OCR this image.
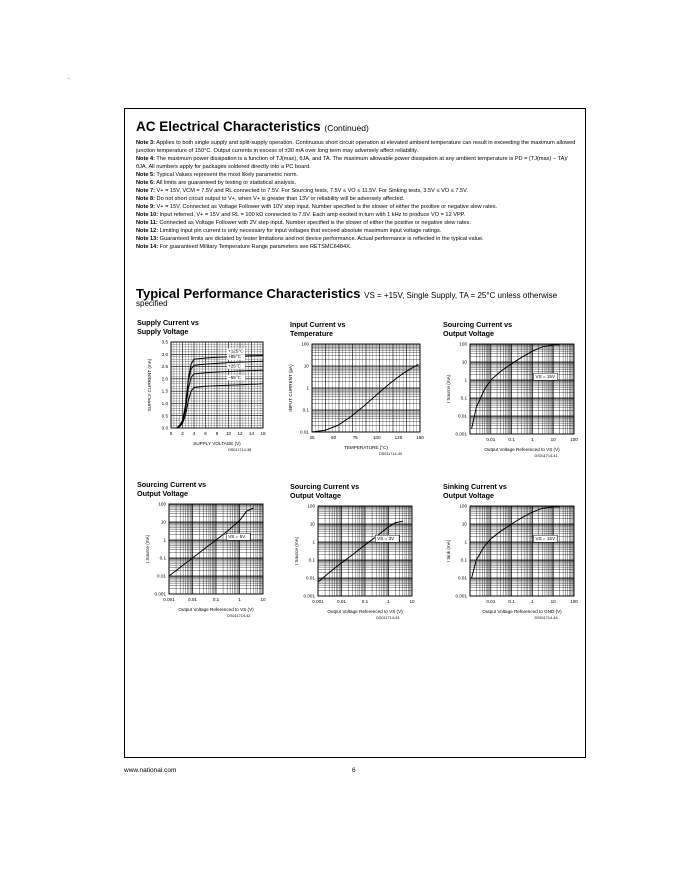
.
AC Electrical Characteristics (Continued)

Note 3: Applies to both single supply and split-supply operation. Continuous short circuit operation at elevated ambient temperature can result in exceeding the maximum allowed junction temperature of 150°C. Output currents in excess of ±30 mA over long term may adversely affect reliability.

Note 4: The maximum power dissipation is a function of TJ(max), θJA, and TA. The maximum allowable power dissipation at any ambient temperature is PD = (TJ(max) − TA)/θJA. All numbers apply for packages soldered directly into a PC board.

Note 5: Typical Values represent the most likely parametric norm.

Note 6: All limits are guaranteed by testing or statistical analysis.

Note 7: V+ = 15V, VCM = 7.5V and RL connected to 7.5V. For Sourcing tests, 7.5V ≤ VO ≤ 11.5V. For Sinking tests, 3.5V ≤ VO ≤ 7.5V.

Note 8: Do not short circuit output to V+, when V+ is greater than 13V or reliability will be adversely affected.

Note 9: V+ = 15V. Connected as Voltage Follower with 10V step input. Number specified is the slower of either the positive or negative slew rates.

Note 10: Input referred, V+ = 15V and RL = 100 kΩ connected to 7.5V. Each amp excited in turn with 1 kHz to produce VO = 12 VPP.

Note 11: Connected as Voltage Follower with 2V step input. Number specified is the slower of either the positive or negative slew rates.

Note 12: Limiting input pin current is only necessary for input voltages that exceed absolute maximum input voltage ratings.

Note 13: Guaranteed limits are dictated by tester limitations and not device performance. Actual performance is reflected in the typical value.

Note 14: For guaranteed Military Temperature Range parameters see RETSMC6484X.

Typical Performance Characteristics VS = +15V, Single Supply, TA = 25°C unless otherwise
specified
Supply Current vs
Supply Voltage
0 2 4 6 8 10 12 14 16
0.0
0.5
1.0
1.5
2.0
2.5
3.0
3.5
SUPPLY VOLTAGE (V)
SUPPLY CURRENT (mA)
DS011714-38
+125°C
+85°C
+25°C
−55°C
Input Current vs
Temperature
25	50	75	100	125	150
0.01
0.1
1
10
100
TEMPERATURE (°C)
INPUT CURRENT (pA)
DS011714-40
Sourcing Current vs
Output Voltage
0.01	0.1	1	10	100
0.001
0.01
0.1
1
10
100
Output Voltage Referenced to VS (V)
I Source (mA)
DS011714-41
VS = 15V
Sourcing Current vs
Output Voltage
0.001	0.01	0.1	1	10
0.001
0.01
0.1
1
10
100
Output Voltage Referenced to VS (V)
I Source (mA)
DS011714-42
VS = 5V
Sourcing Current vs
Output Voltage
0.001	0.01	0.1	1	10
0.001
0.01
0.1
1
10
100
Output Voltage Referenced to VS (V)
I Source (mA)
DS011714-43
VS = 3V
Sinking Current vs
Output Voltage
0.01	0.1	1	10	100
0.001
0.01
0.1
1
10
100
Output Voltage Referenced to GND (V)
I Sink (mA)
DS011714-44
VS = 15V
www.national.com	6
